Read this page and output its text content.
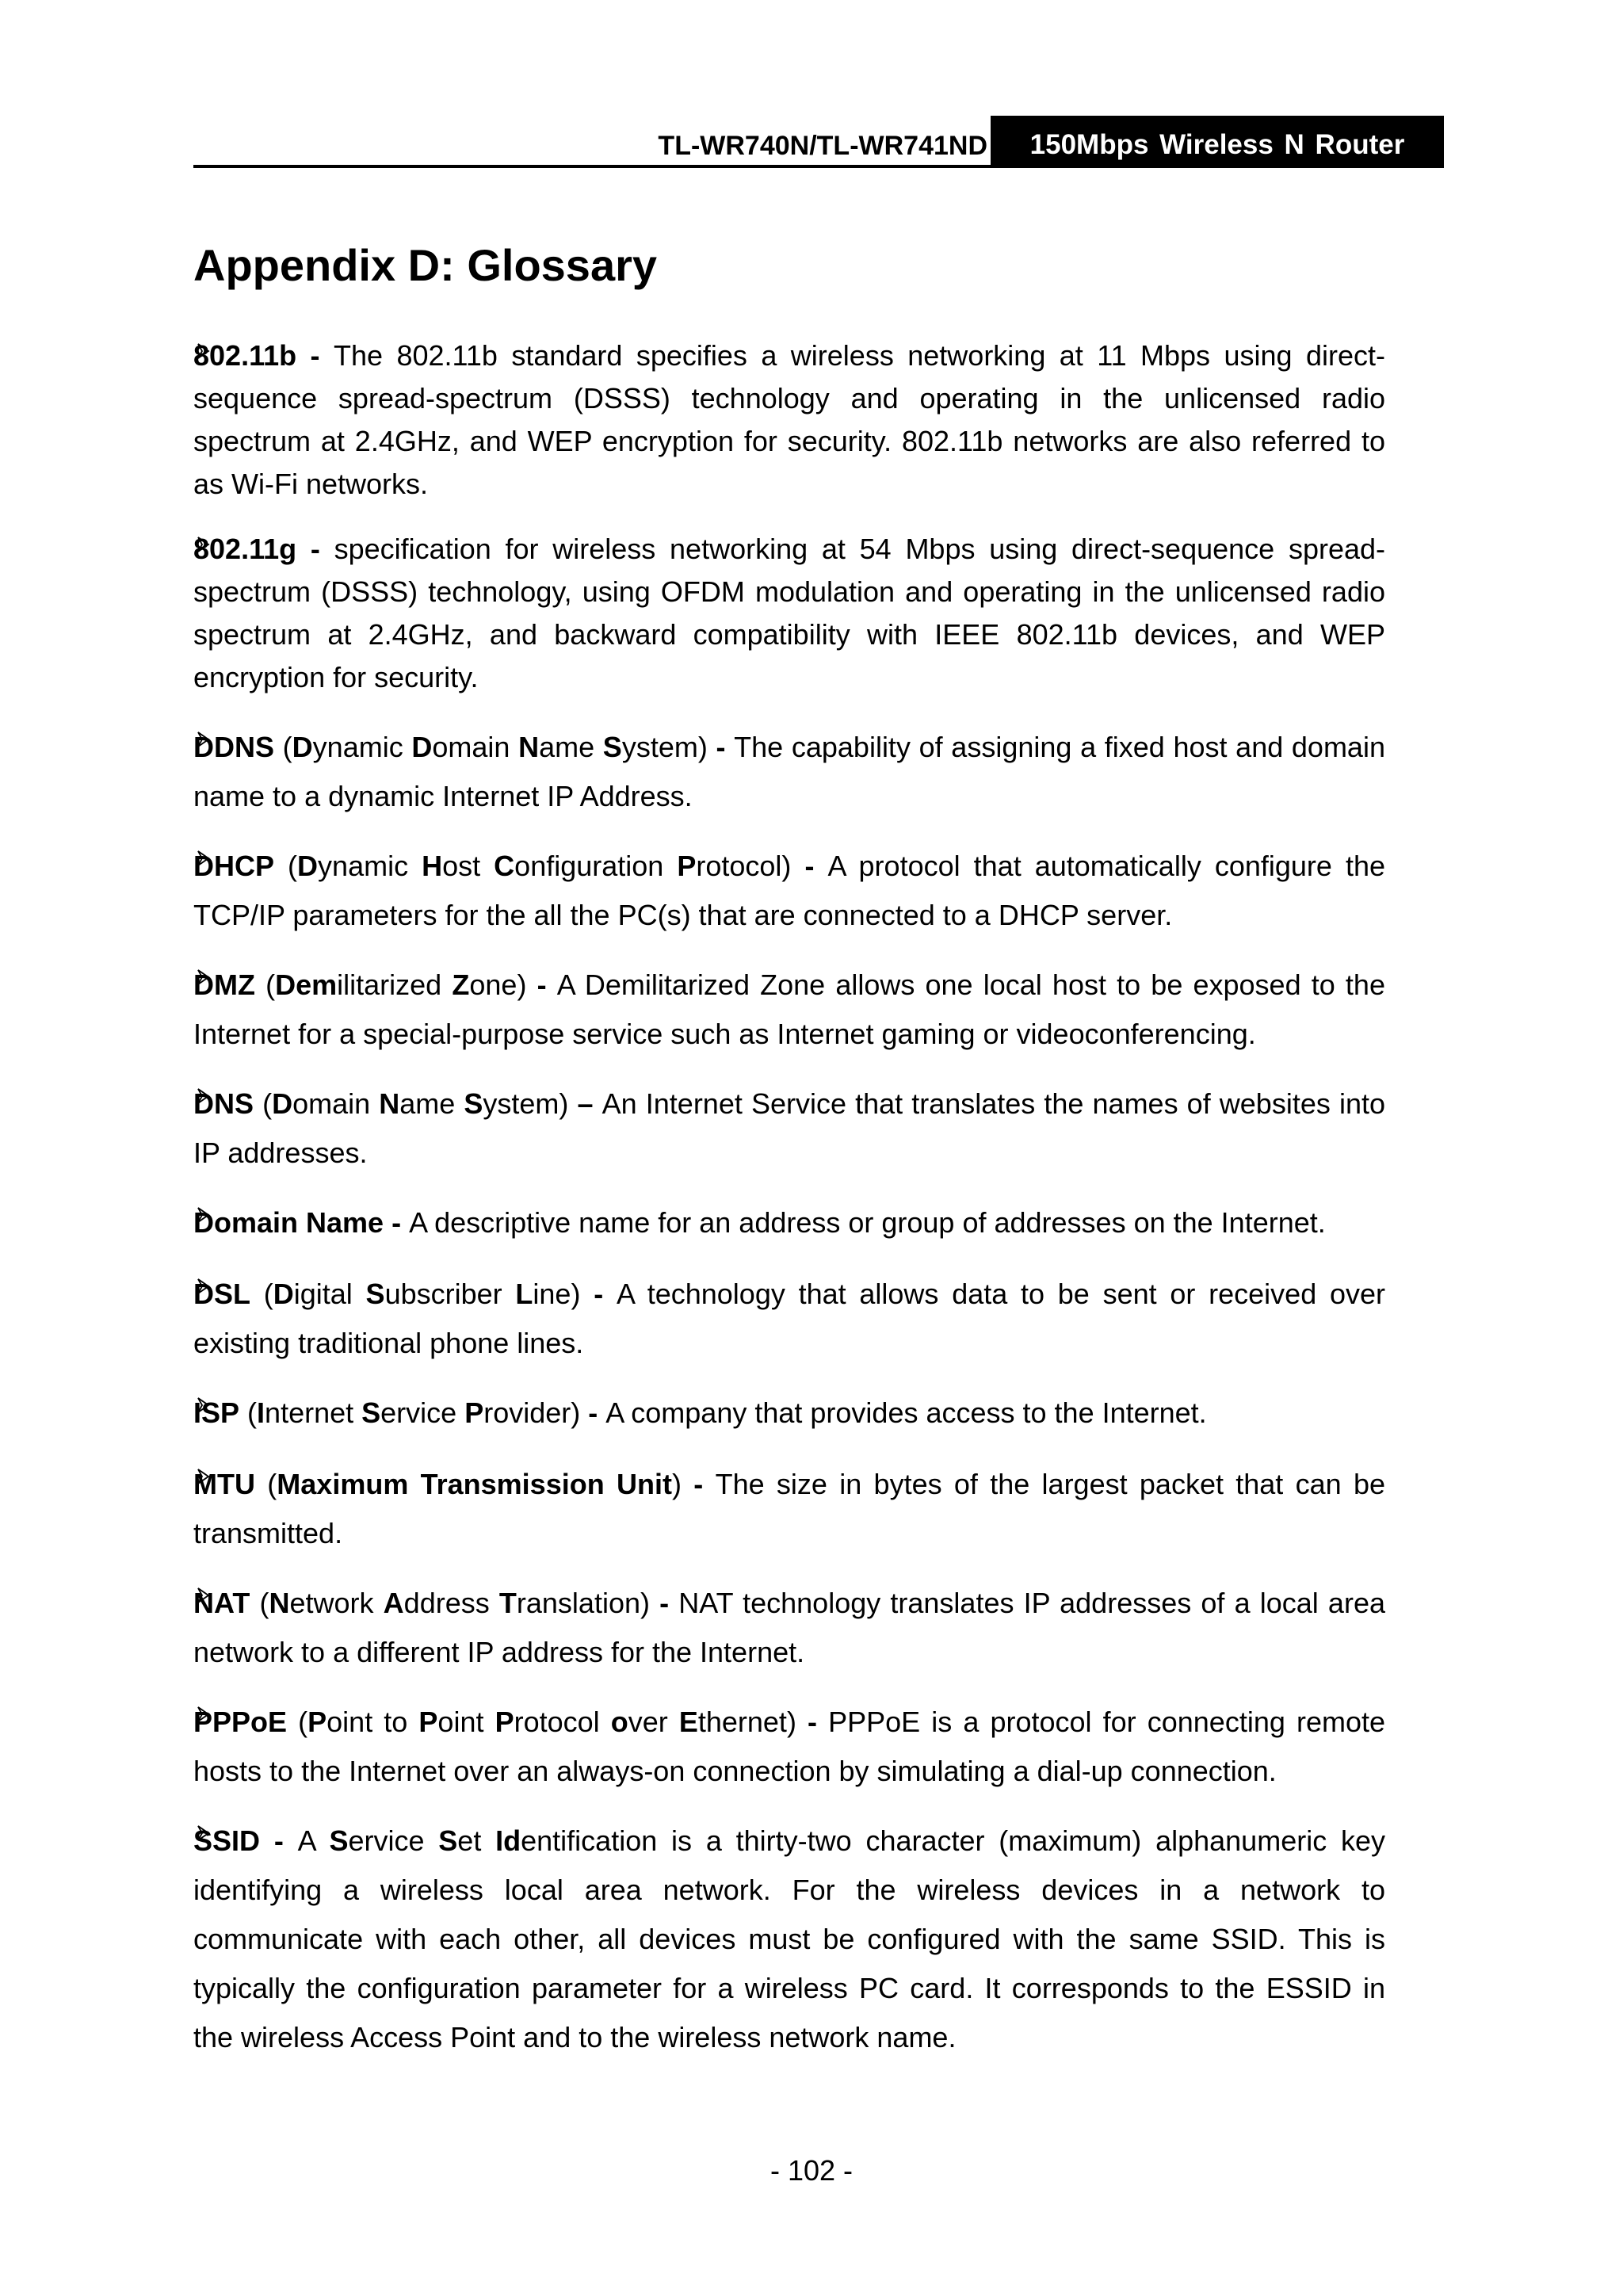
TL-WR740N/TL-WR741ND	150Mbps Wireless N Router
Appendix D: Glossary

802.11b - The 802.11b standard specifies a wireless networking at 11 Mbps using direct-sequence spread-spectrum (DSSS) technology and operating in the unlicensed radio spectrum at 2.4GHz, and WEP encryption for security. 802.11b networks are also referred to as Wi-Fi networks.

802.11g - specification for wireless networking at 54 Mbps using direct-sequence spread-spectrum (DSSS) technology, using OFDM modulation and operating in the unlicensed radio spectrum at 2.4GHz, and backward compatibility with IEEE 802.11b devices, and WEP encryption for security.

DDNS (Dynamic Domain Name System) - The capability of assigning a fixed host and domain name to a dynamic Internet IP Address.

DHCP (Dynamic Host Configuration Protocol) - A protocol that automatically configure the TCP/IP parameters for the all the PC(s) that are connected to a DHCP server.

DMZ (Demilitarized Zone) - A Demilitarized Zone allows one local host to be exposed to the Internet for a special-purpose service such as Internet gaming or videoconferencing.

DNS (Domain Name System) – An Internet Service that translates the names of websites into IP addresses.

Domain Name - A descriptive name for an address or group of addresses on the Internet.

DSL (Digital Subscriber Line) - A technology that allows data to be sent or received over existing traditional phone lines.

ISP (Internet Service Provider) - A company that provides access to the Internet.

MTU (Maximum Transmission Unit) - The size in bytes of the largest packet that can be transmitted.

NAT (Network Address Translation) - NAT technology translates IP addresses of a local area network to a different IP address for the Internet.

PPPoE (Point to Point Protocol over Ethernet) - PPPoE is a protocol for connecting remote hosts to the Internet over an always-on connection by simulating a dial-up connection.

SSID - A Service Set Identification is a thirty-two character (maximum) alphanumeric key identifying a wireless local area network. For the wireless devices in a network to communicate with each other, all devices must be configured with the same SSID. This is typically the configuration parameter for a wireless PC card. It corresponds to the ESSID in the wireless Access Point and to the wireless network name.

- 102 -
